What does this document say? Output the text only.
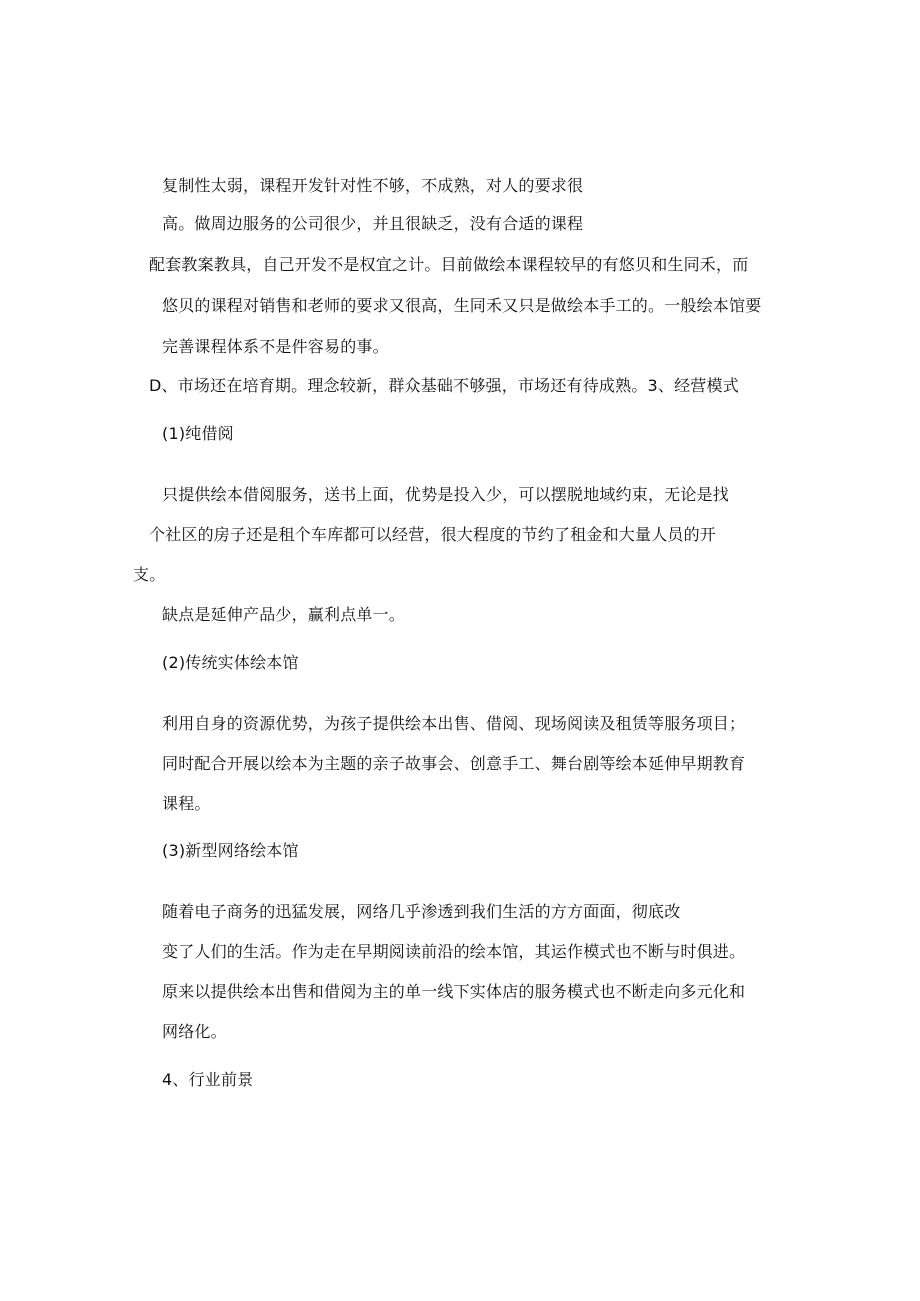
复制性太弱，课程开发针对性不够，不成熟，对人的要求很
高。做周边服务的公司很少，并且很缺乏，没有合适的课程
配套教案教具，自己开发不是权宜之计。目前做绘本课程较早的有悠贝和生同禾，而
悠贝的课程对销售和老师的要求又很高，生同禾又只是做绘本手工的。一般绘本馆要
完善课程体系不是件容易的事。
D、市场还在培育期。理念较新，群众基础不够强，市场还有待成熟。3、经营模式
(1)纯借阅
只提供绘本借阅服务，送书上面，优势是投入少，可以摆脱地域约束，无论是找
个社区的房子还是租个车库都可以经营，很大程度的节约了租金和大量人员的开
支。
缺点是延伸产品少，赢利点单一。
(2)传统实体绘本馆
利用自身的资源优势，为孩子提供绘本出售、借阅、现场阅读及租赁等服务项目；
同时配合开展以绘本为主题的亲子故事会、创意手工、舞台剧等绘本延伸早期教育
课程。
(3)新型网络绘本馆
随着电子商务的迅猛发展，网络几乎渗透到我们生活的方方面面，彻底改
变了人们的生活。作为走在早期阅读前沿的绘本馆，其运作模式也不断与时俱进。
原来以提供绘本出售和借阅为主的单一线下实体店的服务模式也不断走向多元化和
网络化。
4、行业前景
